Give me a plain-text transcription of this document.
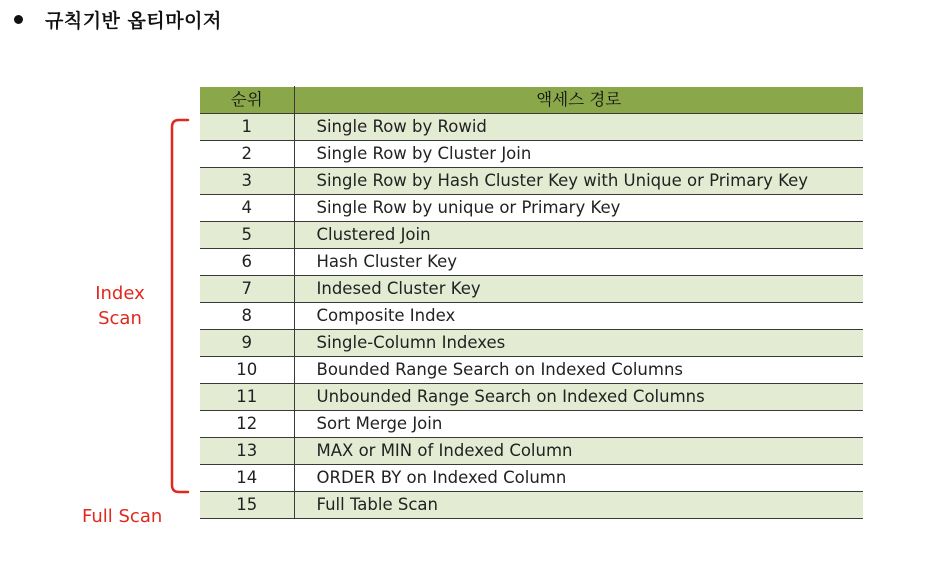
규칙기반 옵티마이저
순위	액세스 경로
1	Single Row by Rowid
2	Single Row by Cluster Join
3	Single Row by Hash Cluster Key with Unique or Primary Key
4	Single Row by unique or Primary Key
5	Clustered Join
6	Hash Cluster Key
7	Indesed Cluster Key
8	Composite Index
9	Single-Column Indexes
10	Bounded Range Search on Indexed Columns
11	Unbounded Range Search on Indexed Columns
12	Sort Merge Join
13	MAX or MIN of Indexed Column
14	ORDER BY on Indexed Column
15	Full Table Scan
Index
Scan
Full Scan
